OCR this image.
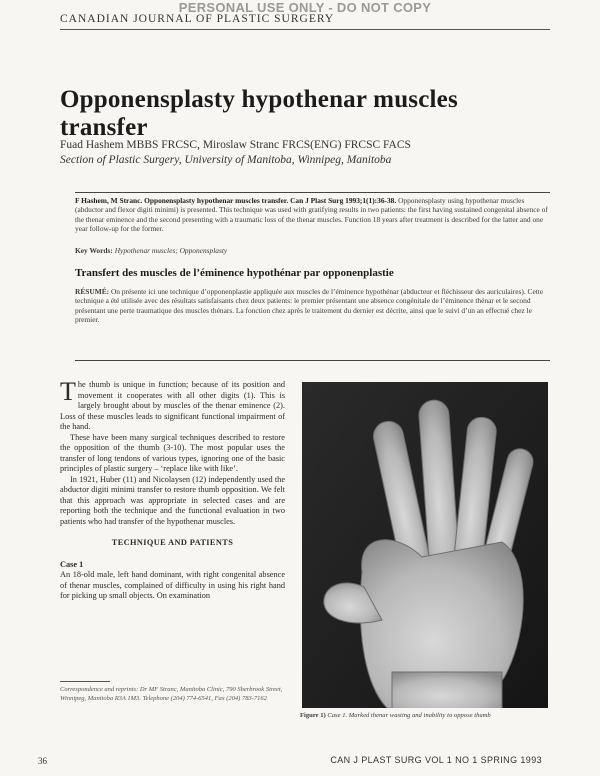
PERSONAL USE ONLY - DO NOT COPY
CANADIAN JOURNAL OF PLASTIC SURGERY
Opponensplasty hypothenar muscles transfer
Fuad Hashem MBBS FRCSC, Miroslaw Stranc FRCS(ENG) FRCSC FACS
Section of Plastic Surgery, University of Manitoba, Winnipeg, Manitoba
F Hashem, M Stranc. Opponensplasty hypothenar muscles transfer. Can J Plast Surg 1993;1(1):36-38. Opponensplasty using hypothenar muscles (abductor and flexor digiti minimi) is presented. This technique was used with gratifying results in two patients: the first having sustained congenital absence of the thenar eminence and the second presenting with a traumatic loss of the thenar muscles. Function 18 years after treatment is described for the latter and one year follow-up for the former.
Key Words: Hypothenar muscles; Opponensplasty
Transfert des muscles de l’éminence hypothénar par opponenplastie
RÉSUMÉ: On présente ici une technique d’opponenplastie appliquée aux muscles de l’éminence hypothénar (abducteur et fléchisseur des auriculaires). Cette technique a été utilisée avec des résultats satisfaisants chez deux patients: le premier présentant une absence congénitale de l’éminence thénar et le second présentant une perte traumatique des muscles thénars. La fonction chez après le traitement du dernier est décrite, ainsi que le suivi d’un an effectué chez le premier.

The thumb is unique in function; because of its position and movement it cooperates with all other digits (1). This is largely brought about by muscles of the thenar eminence (2). Loss of these muscles leads to significant functional impairment of the hand.

These have been many surgical techniques described to restore the opposition of the thumb (3-10). The most popular uses the transfer of long tendons of various types, ignoring one of the basic principles of plastic surgery – ‘replace like with like’.

In 1921, Huber (11) and Nicolaysen (12) independently used the abductor digiti minimi transfer to restore thumb opposition. We felt that this approach was appropriate in selected cases and are reporting both the technique and the functional evaluation in two patients who had transfer of the hypothenar muscles.

TECHNIQUE AND PATIENTS
Case 1

An 18-old male, left hand dominant, with right congenital absence of thenar muscles, complained of difficulty in using his right hand for picking up small objects. On examination

Correspondence and reprints: Dr MF Stranc, Manitoba Clinic, 790 Sherbrook Street, Winnipeg, Manitoba R3A 1M3. Telephone (204) 774-6541, Fax (204) 783-7162
Figure 1) Case 1. Marked thenar wasting and inability to oppose thumb
36	CAN J PLAST SURG VOL 1 NO 1 SPRING 1993
